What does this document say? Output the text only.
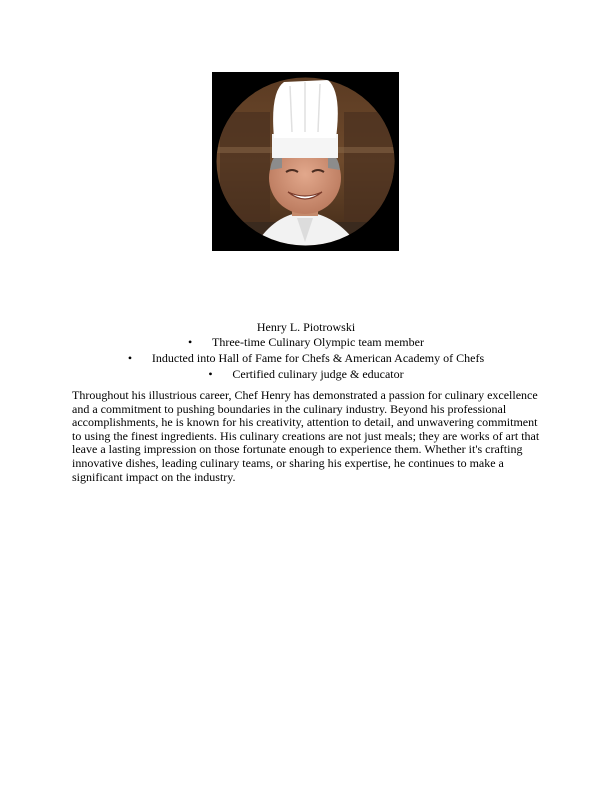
Henry L. Piotrowski
• Three-time Culinary Olympic team member
• Inducted into Hall of Fame for Chefs & American Academy of Chefs
• Certified culinary judge & educator

Throughout his illustrious career, Chef Henry has demonstrated a passion for culinary excellence and a commitment to pushing boundaries in the culinary industry. Beyond his professional accomplishments, he is known for his creativity, attention to detail, and unwavering commitment to using the finest ingredients. His culinary creations are not just meals; they are works of art that leave a lasting impression on those fortunate enough to experience them. Whether it's crafting innovative dishes, leading culinary teams, or sharing his expertise, he continues to make a significant impact on the industry.
